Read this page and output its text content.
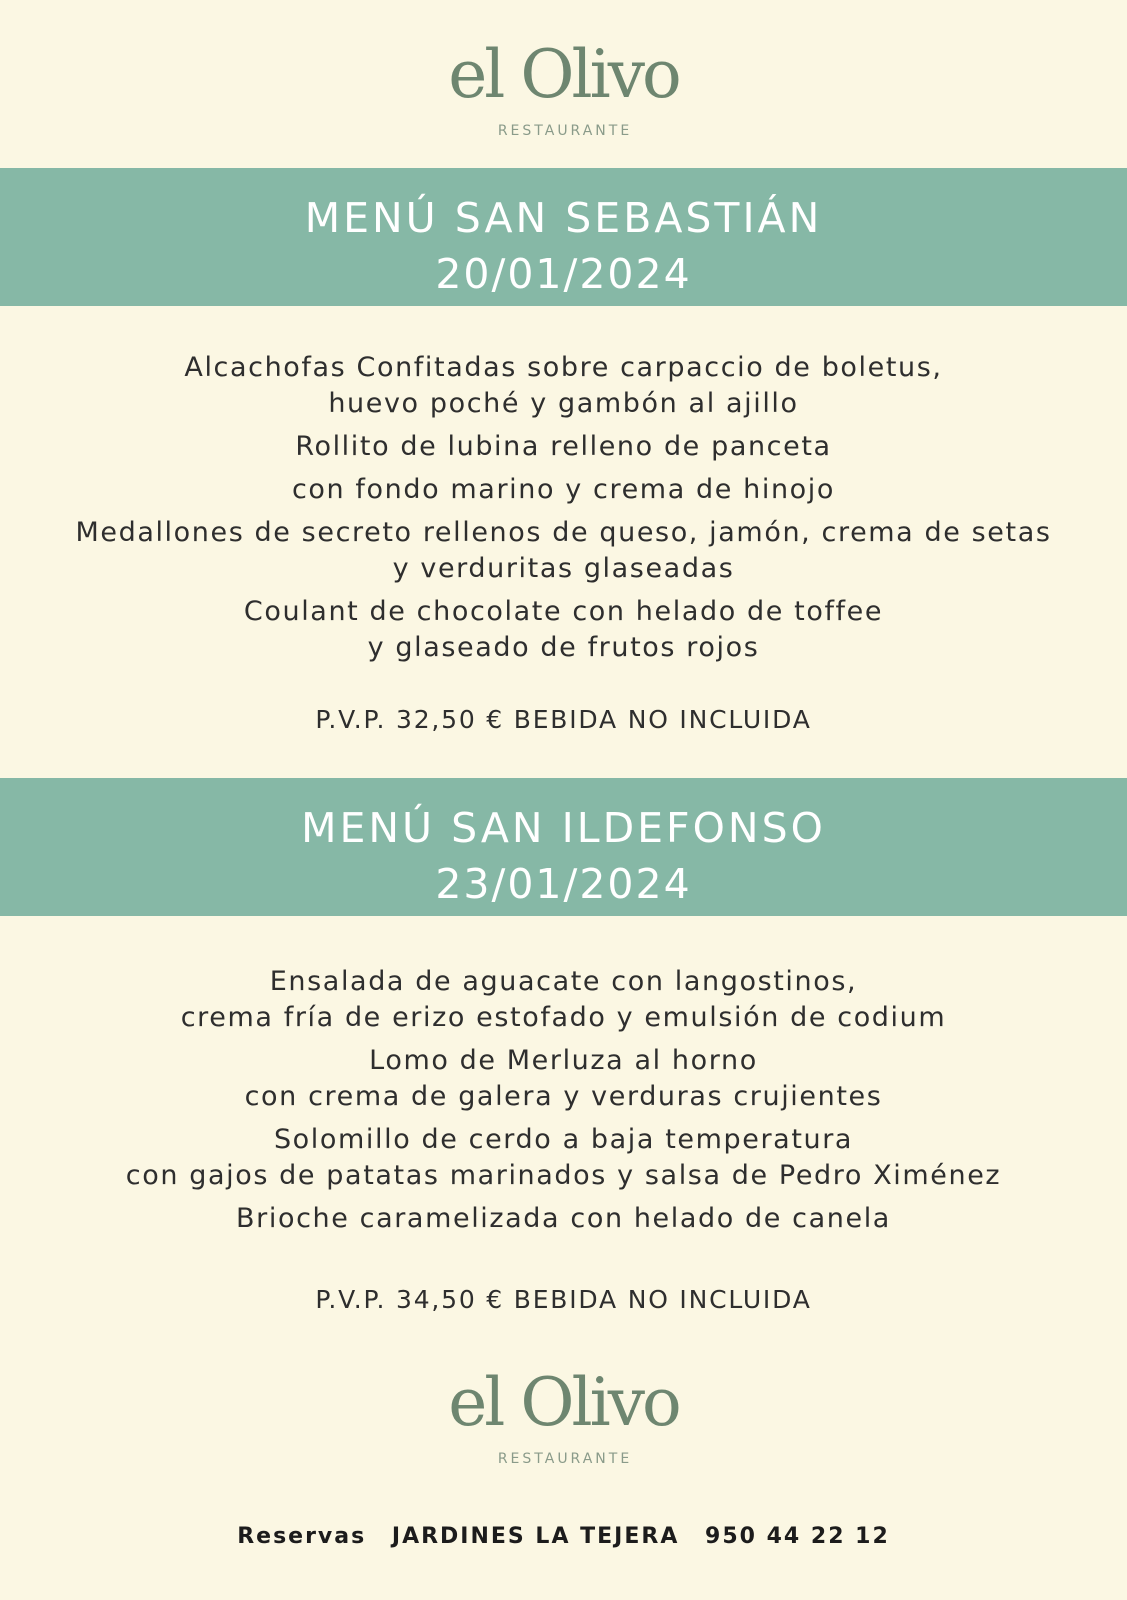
el Olivo
RESTAURANTE
MENÚ SAN SEBASTIÁN
20/01/2024
Alcachofas Confitadas sobre carpaccio de boletus,
huevo poché y gambón al ajillo
Rollito de lubina relleno de panceta
con fondo marino y crema de hinojo
Medallones de secreto rellenos de queso, jamón, crema de setas
y verduritas glaseadas
Coulant de chocolate con helado de toffee
y glaseado de frutos rojos
P.V.P. 32,50 € BEBIDA NO INCLUIDA
MENÚ SAN ILDEFONSO
23/01/2024
Ensalada de aguacate con langostinos,
crema fría de erizo estofado y emulsión de codium
Lomo de Merluza al horno
con crema de galera y verduras crujientes
Solomillo de cerdo a baja temperatura
con gajos de patatas marinados y salsa de Pedro Ximénez
Brioche caramelizada con helado de canela
P.V.P. 34,50 € BEBIDA NO INCLUIDA
el Olivo
RESTAURANTE
Reservas JARDINES LA TEJERA 950 44 22 12
